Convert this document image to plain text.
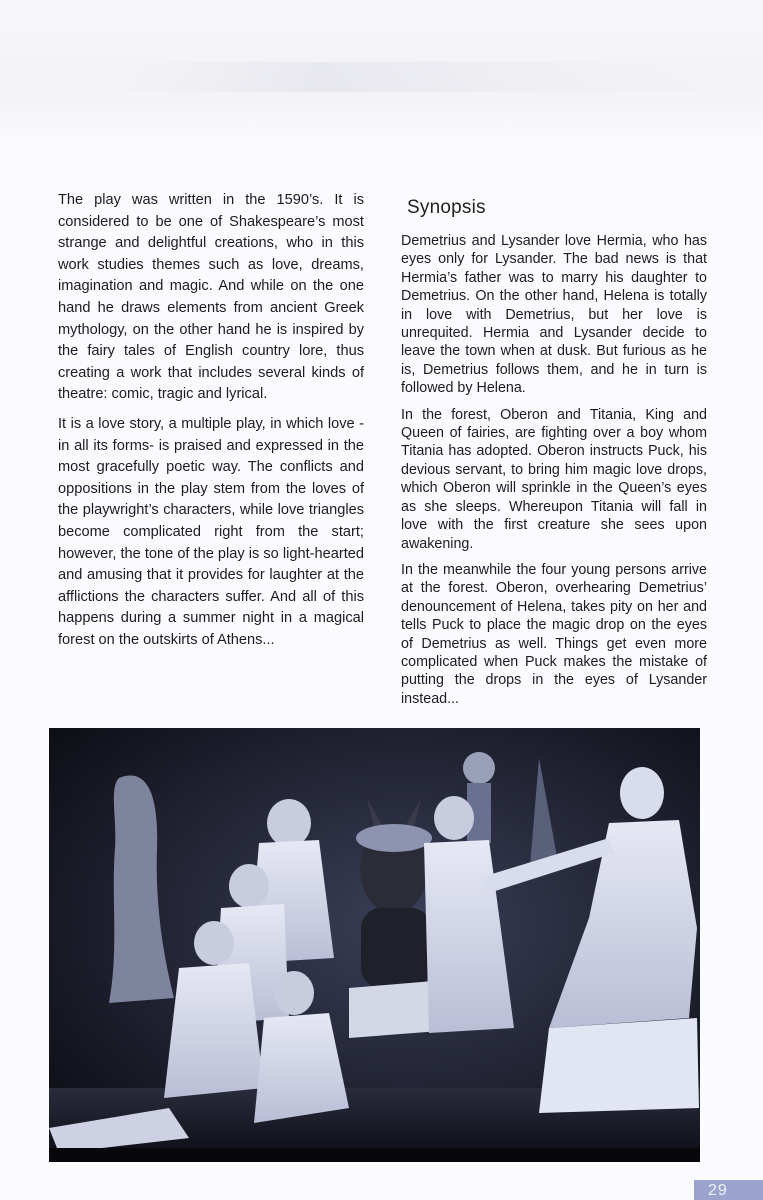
The play was written in the 1590’s. It is considered to be one of Shakespeare’s most strange and delightful creations, who in this work studies themes such as love, dreams, imagination and magic. And while on the one hand he draws elements from ancient Greek mythology, on the other hand he is inspired by the fairy tales of English country lore, thus creating a work that includes several kinds of theatre: comic, tragic and lyrical.

It is a love story, a multiple play, in which love - in all its forms- is praised and expressed in the most gracefully poetic way. The conflicts and oppositions in the play stem from the loves of the playwright’s characters, while love triangles become complicated right from the start; however, the tone of the play is so light-hearted and amusing that it provides for laughter at the afflictions the characters suffer. And all of this happens during a summer night in a magical forest on the outskirts of Athens...

Synopsis

Demetrius and Lysander love Hermia, who has eyes only for Lysander. The bad news is that Hermia’s father was to marry his daughter to Demetrius. On the other hand, Helena is totally in love with Demetrius, but her love is unrequited. Hermia and Lysander decide to leave the town when at dusk. But furious as he is, Demetrius follows them, and he in turn is followed by Helena.

In the forest, Oberon and Titania, King and Queen of fairies, are fighting over a boy whom Titania has adopted. Oberon instructs Puck, his devious servant, to bring him magic love drops, which Oberon will sprinkle in the Queen’s eyes as she sleeps. Whereupon Titania will fall in love with the first creature she sees upon awakening.

In the meanwhile the four young persons arrive at the forest. Oberon, overhearing Demetrius’ denouncement of Helena, takes pity on her and tells Puck to place the magic drop on the eyes of Demetrius as well. Things get even more complicated when Puck makes the mistake of putting the drops in the eyes of Lysander instead...

29
